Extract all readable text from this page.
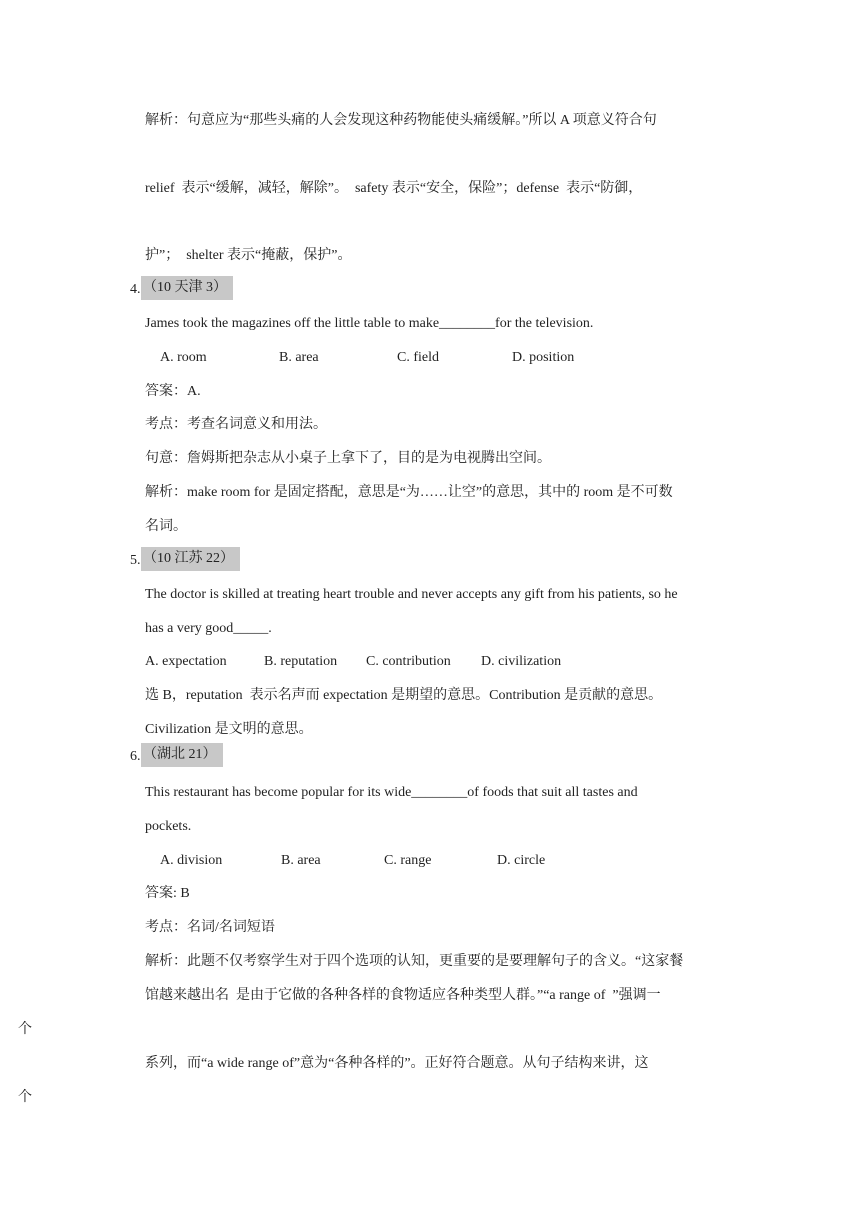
解析：句意应为“那些头痛的人会发现这种药物能使头痛缓解。”所以 A 项意义符合句
relief  表示“缓解，减轻，解除”。  safety 表示“安全，保险”；defense  表示“防御，
护”；  shelter 表示“掩蔽，保护”。
4. （10 天津 3）
James took the magazines off the little table to make________for the television.
A. room	B. area	C. field	D. position
答案：A.
考点：考查名词意义和用法。
句意：詹姆斯把杂志从小桌子上拿下了，目的是为电视腾出空间。
解析：make room for 是固定搭配，意思是“为……让空”的意思，其中的 room 是不可数
名词。
5. （10 江苏 22）
The doctor is skilled at treating heart trouble and never accepts any gift from his patients, so he
has a very good_____.
A. expectation	B. reputation C. contribution D. civilization
选 B，reputation  表示名声而 expectation 是期望的意思。Contribution 是贡献的意思。
Civilization 是文明的意思。
6. （湖北 21）
This restaurant has become popular for its wide________of foods that suit all tastes and
pockets.
A. division	B. area	C. range	D. circle
答案: B
考点：名词/名词短语
解析：此题不仅考察学生对于四个选项的认知，更重要的是要理解句子的含义。“这家餐
馆越来越出名  是由于它做的各种各样的食物适应各种类型人群。”“a range of  ”强调一
个
系列，而“a wide range of”意为“各种各样的”。正好符合题意。从句子结构来讲，这
个
